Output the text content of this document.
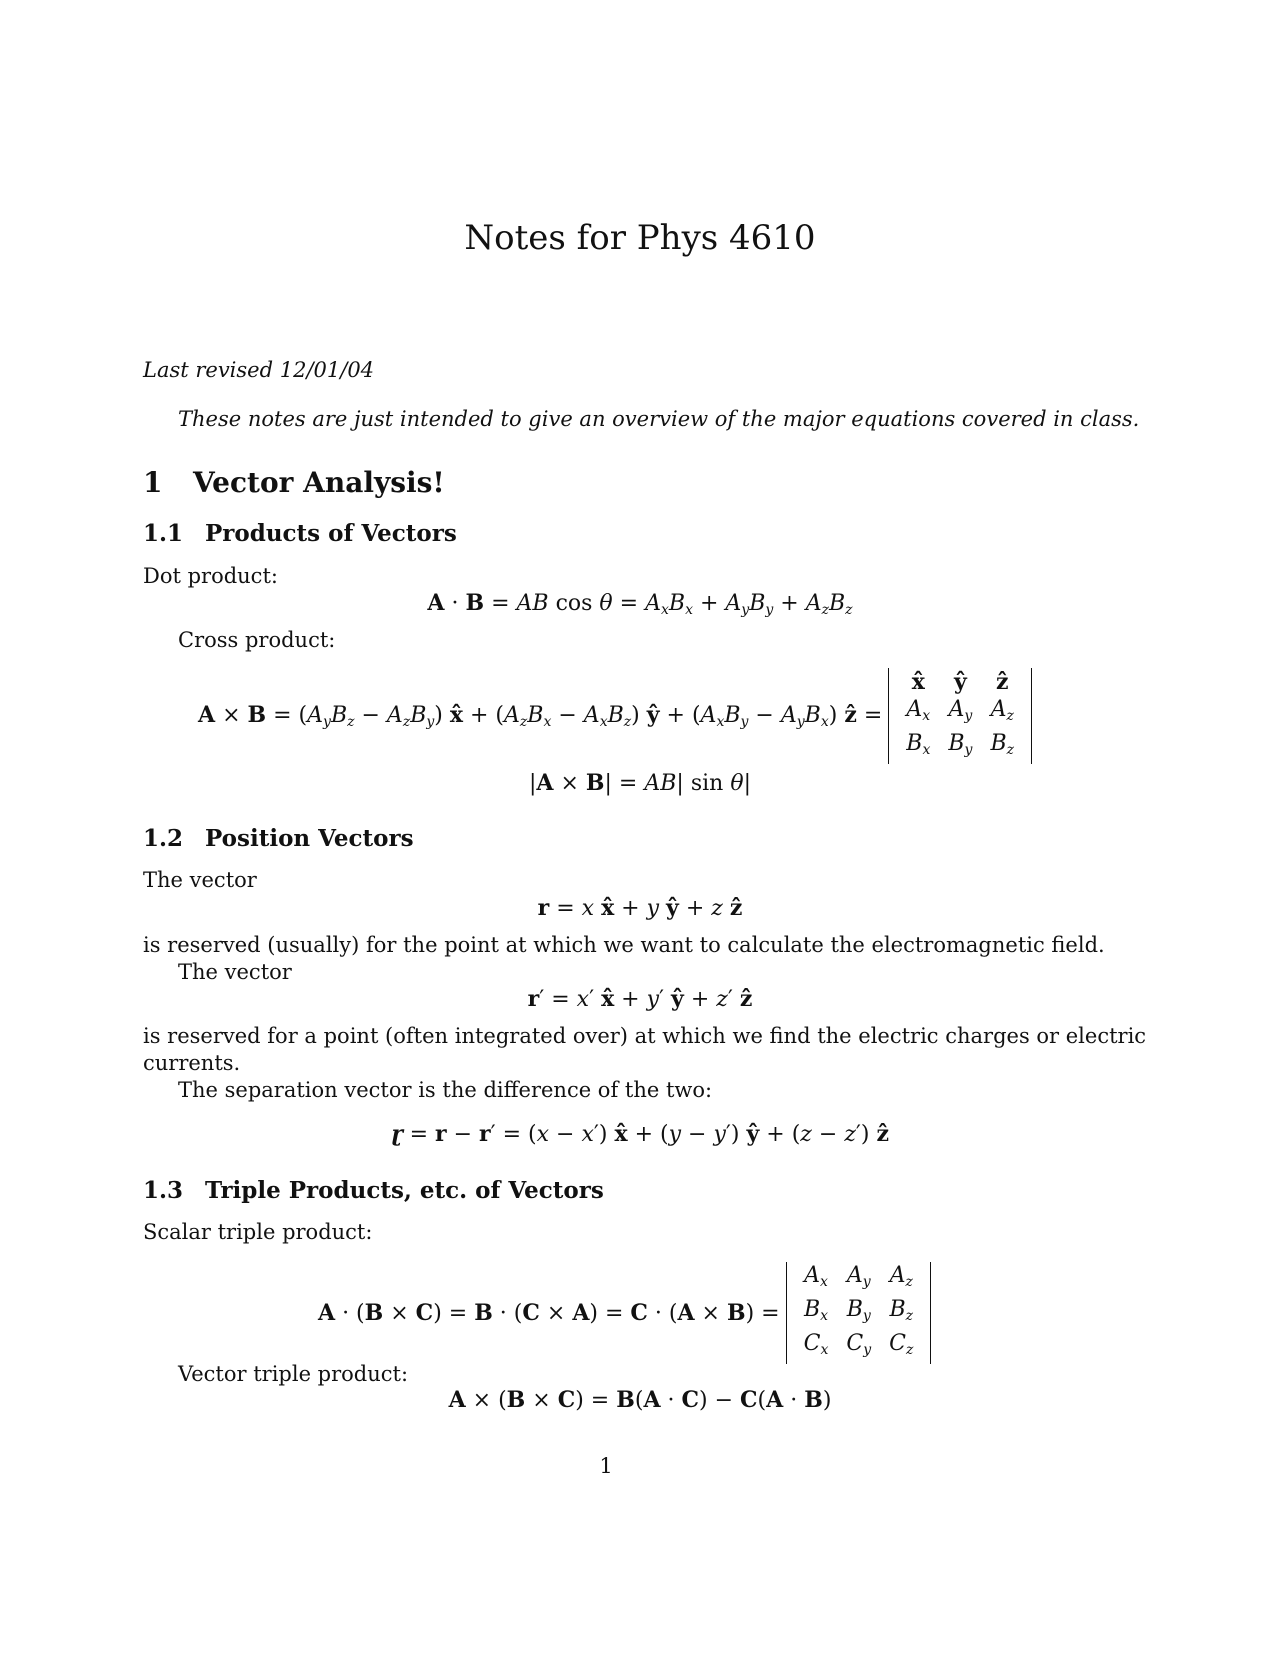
Notes for Phys 4610
Last revised 12/01/04
These notes are just intended to give an overview of the major equations covered in class.
1 Vector Analysis!
1.1 Products of Vectors
Dot product:
A · B = AB $\cos \theta = A_xB_x + A_yB_y + A_zB_z$
Cross product:
$A \times B = (A_yB_z - A_zB_y)$ x̂ + $(A_zB_x - A_xB_z)$ ŷ + $(A_xB_y - A_yB_x)$ ẑ =
x̂	ŷ	ẑ
$A_x$	$A_y$	$A_z$
$B_x$	$B_y$	$B_z$
|A × B| = AB| sin θ|
1.2 Position Vectors
The vector
r = x x̂ + y ŷ + z ẑ
is reserved (usually) for the point at which we want to calculate the electromagnetic field.
The vector
r′ = x′ x̂ + y′ ŷ + z′ ẑ
is reserved for a point (often integrated over) at which we find the electric charges or electric
currents.
The separation vector is the difference of the two:
ɽ = r − r′ = (x − x′) x̂ + (y − y′) ŷ + (z − z′) ẑ
1.3 Triple Products, etc. of Vectors
Scalar triple product:
A · (B × C) = B · (C × A) = C · (A × B) =
$A_x$	$A_y$	$A_z$
$B_x$	$B_y$	$B_z$
$C_x$	$C_y$	$C_z$
Vector triple product:
A × (B × C) = B(A · C) − C(A · B)
1
